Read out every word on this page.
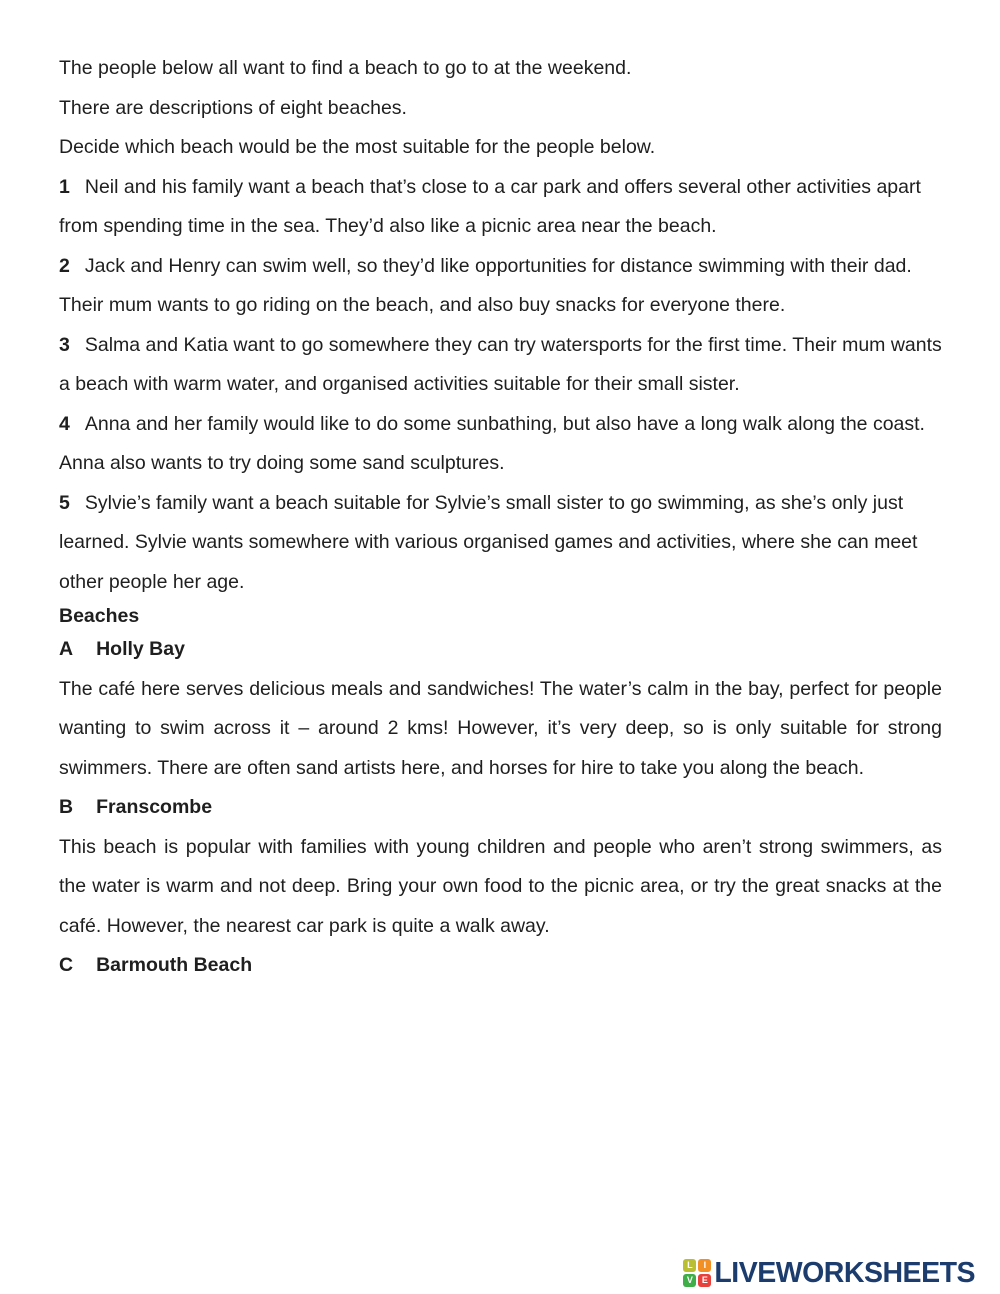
The people below all want to find a beach to go to at the weekend.

There are descriptions of eight beaches.

Decide which beach would be the most suitable for the people below.

1 Neil and his family want a beach that’s close to a car park and offers several other activities apart from spending time in the sea. They’d also like a picnic area near the beach.

2 Jack and Henry can swim well, so they’d like opportunities for distance swimming with their dad. Their mum wants to go riding on the beach, and also buy snacks for everyone there.

3 Salma and Katia want to go somewhere they can try watersports for the first time. Their mum wants a beach with warm water, and organised activities suitable for their small sister.

4 Anna and her family would like to do some sunbathing, but also have a long walk along the coast. Anna also wants to try doing some sand sculptures.

5 Sylvie’s family want a beach suitable for Sylvie’s small sister to go swimming, as she’s only just learned. Sylvie wants somewhere with various organised games and activities, where she can meet other people her age.

Beaches

A Holly Bay

The café here serves delicious meals and sandwiches! The water’s calm in the bay, perfect for people wanting to swim across it – around 2 kms! However, it’s very deep, so is only suitable for strong swimmers. There are often sand artists here, and horses for hire to take you along the beach.

B Franscombe

This beach is popular with families with young children and people who aren’t strong swimmers, as the water is warm and not deep. Bring your own food to the picnic area, or try the great snacks at the café. However, the nearest car park is quite a walk away.

C Barmouth Beach

L	I
V E LIVEWORKSHEETS
